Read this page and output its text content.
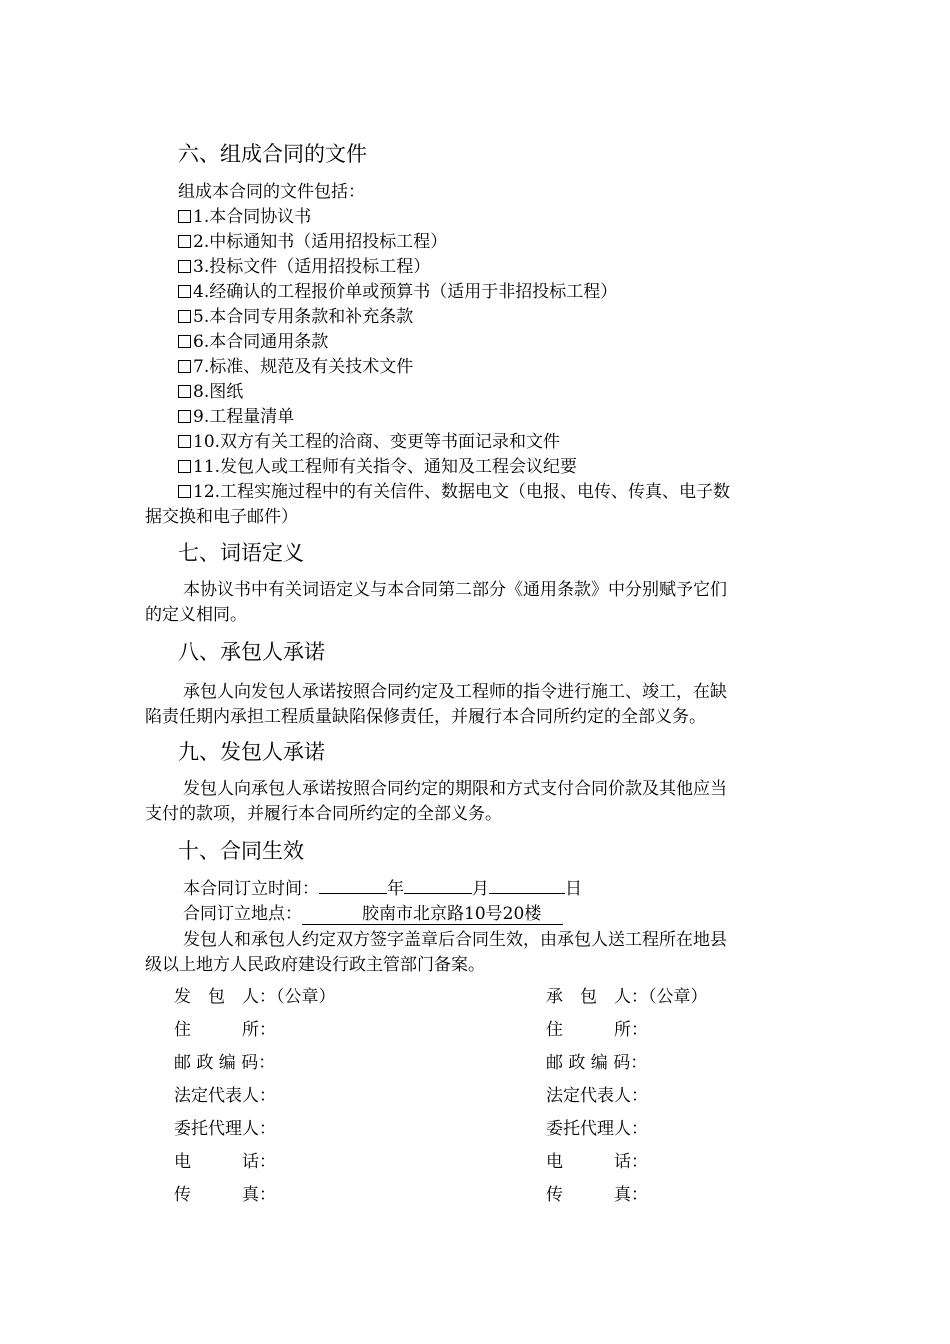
六、组成合同的文件
组成本合同的文件包括：
1.本合同协议书
2.中标通知书（适用招投标工程）
3.投标文件（适用招投标工程）
4.经确认的工程报价单或预算书（适用于非招投标工程）
5.本合同专用条款和补充条款
6.本合同通用条款
7.标准、规范及有关技术文件
8.图纸
9.工程量清单
10.双方有关工程的洽商、变更等书面记录和文件
11.发包人或工程师有关指令、通知及工程会议纪要
12.工程实施过程中的有关信件、数据电文（电报、电传、传真、电子数
据交换和电子邮件）
七、词语定义
本协议书中有关词语定义与本合同第二部分《通用条款》中分别赋予它们
的定义相同。
八、承包人承诺
承包人向发包人承诺按照合同约定及工程师的指令进行施工、竣工，在缺
陷责任期内承担工程质量缺陷保修责任，并履行本合同所约定的全部义务。
九、发包人承诺
发包人向承包人承诺按照合同约定的期限和方式支付合同价款及其他应当
支付的款项，并履行本合同所约定的全部义务。
十、合同生效
本合同订立时间：	年	月	日
合同订立地点：	胶南市北京路10号20楼
发包人和承包人约定双方签字盖章后合同生效，由承包人送工程所在地县
级以上地方人民政府建设行政主管部门备案。
发　包　人：（公章）
住　　　所：
邮 政 编 码：
法定代表人：
委托代理人：
电　　　话：
传　　　真：
承　包　人：（公章）
住　　　所：
邮 政 编 码：
法定代表人：
委托代理人：
电　　　话：
传　　　真：
